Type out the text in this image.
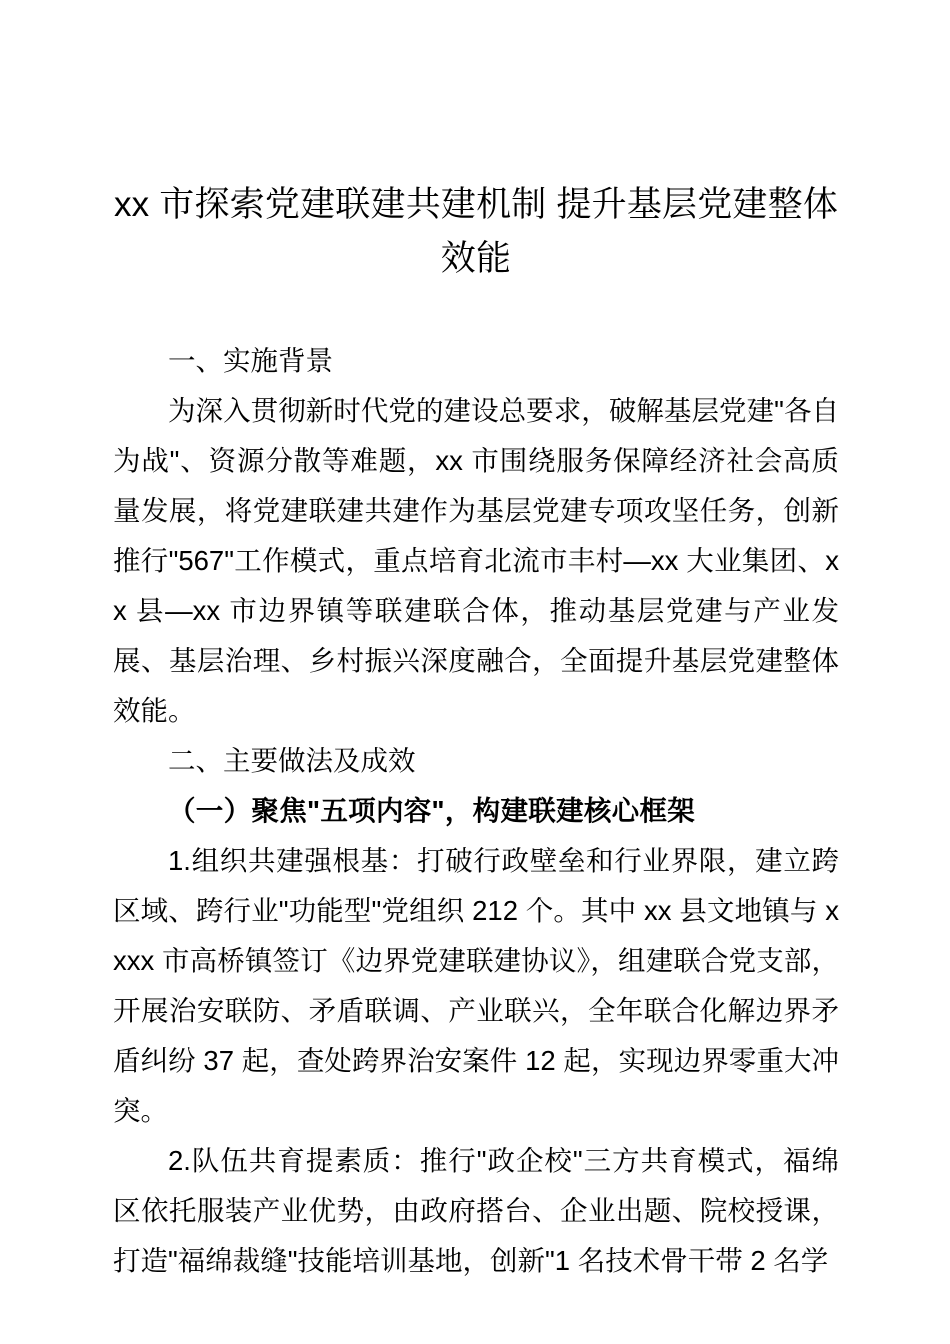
xx 市探索党建联建共建机制 提升基层党建整体效能

一、实施背景

为深入贯彻新时代党的建设总要求，破解基层党建"各自为战"、资源分散等难题，xx 市围绕服务保障经济社会高质量发展，将党建联建共建作为基层党建专项攻坚任务，创新推行"567"工作模式，重点培育北流市丰村—xx 大业集团、xx 县—xx 市边界镇等联建联合体，推动基层党建与产业发展、基层治理、乡村振兴深度融合，全面提升基层党建整体效能。

二、主要做法及成效

（一）聚焦"五项内容"，构建联建核心框架

1.组织共建强根基：打破行政壁垒和行业界限，建立跨区域、跨行业"功能型"党组织 212 个。其中 xx 县文地镇与 xxxx 市高桥镇签订《边界党建联建协议》，组建联合党支部，开展治安联防、矛盾联调、产业联兴，全年联合化解边界矛盾纠纷 37 起，查处跨界治安案件 12 起，实现边界零重大冲突。

2.队伍共育提素质：推行"政企校"三方共育模式，福绵区依托服装产业优势，由政府搭台、企业出题、院校授课，打造"福绵裁缝"技能培训基地，创新"1 名技术骨干带 2 名学
